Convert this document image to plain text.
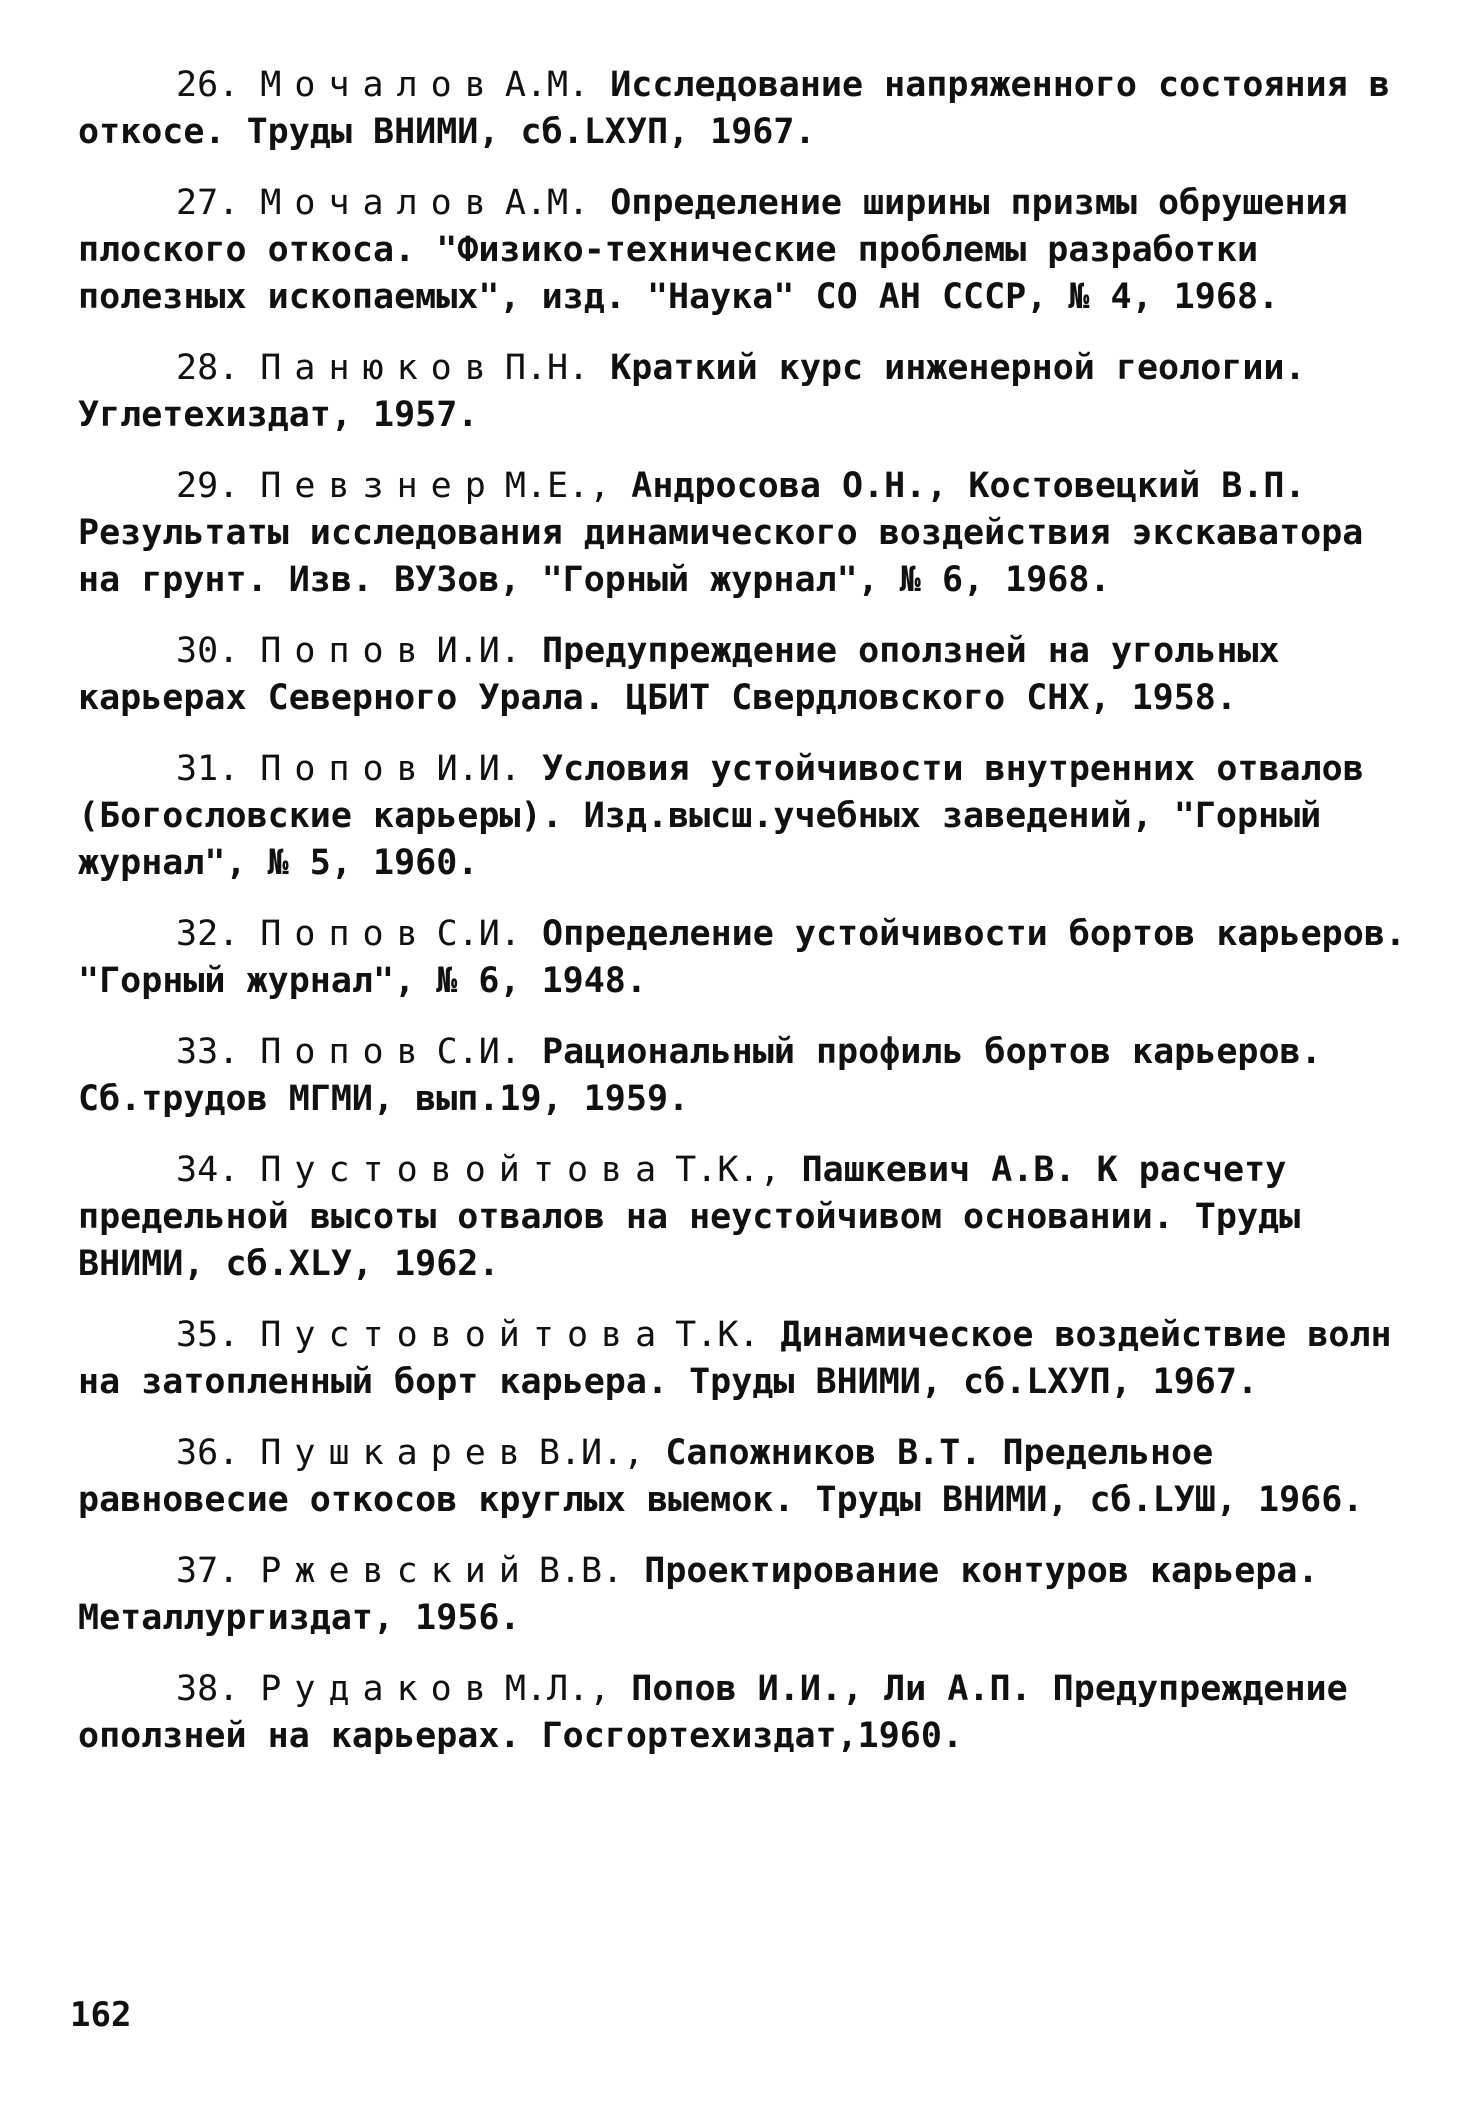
26. Мочалов А.М. Исследование напряженного состояния в откосе. Труды ВНИМИ, сб.LXУП, 1967.
27. Мочалов А.М. Определение ширины призмы обрушения плоского откоса. "Физико-технические проблемы разработки полезных ископаемых", изд. "Наука" СО АН СССР, № 4, 1968.
28. Панюков П.Н. Краткий курс инженерной геологии. Углетехиздат, 1957.
29. Певзнер М.Е., Андросова О.Н., Костовецкий В.П. Результаты исследования динамического воздействия экскаватора на грунт. Изв. ВУЗов, "Горный журнал", № 6, 1968.
30. Попов И.И. Предупреждение оползней на угольных карьерах Северного Урала. ЦБИТ Свердловского СНХ, 1958.
31. Попов И.И. Условия устойчивости внутренних отвалов (Богословские карьеры). Изд.высш.учебных заведений, "Горный журнал", № 5, 1960.
32. Попов С.И. Определение устойчивости бортов карьеров. "Горный журнал", № 6, 1948.
33. Попов С.И. Рациональный профиль бортов карьеров. Сб.трудов МГМИ, вып.19, 1959.
34. Пустовойтова Т.К., Пашкевич А.В. К расчету предельной высоты отвалов на неустойчивом основании. Труды ВНИМИ, сб.XLУ, 1962.
35. Пустовойтова Т.К. Динамическое воздействие волн на затопленный борт карьера. Труды ВНИМИ, сб.LXУП, 1967.
36. Пушкарев В.И., Сапожников В.Т. Предельное равновесие откосов круглых выемок. Труды ВНИМИ, сб.LУШ, 1966.
37. Ржевский В.В. Проектирование контуров карьера. Металлургиздат, 1956.
38. Рудаков М.Л., Попов И.И., Ли А.П. Предупреждение оползней на карьерах. Госгортехиздат,1960.
162
